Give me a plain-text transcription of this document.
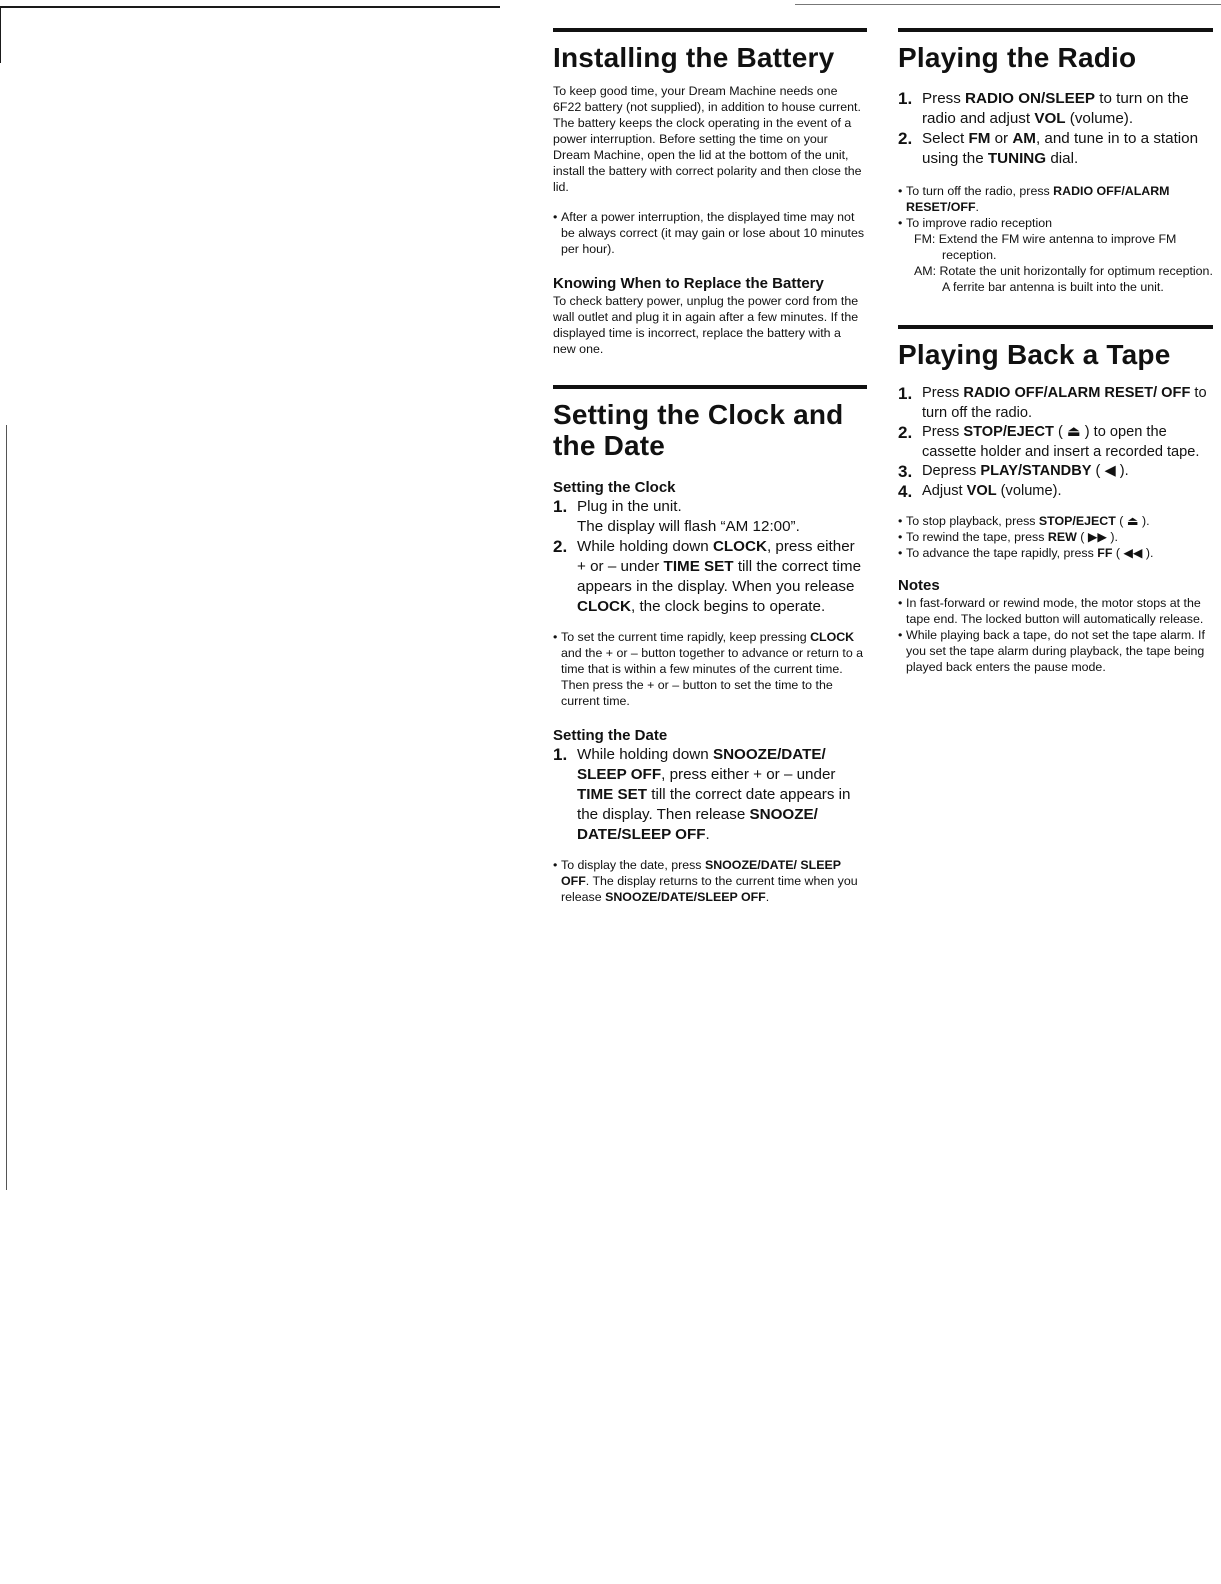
Installing the Battery

To keep good time, your Dream Machine needs one 6F22 battery (not supplied), in addition to house current. The battery keeps the clock operating in the event of a power interruption. Before setting the time on your Dream Machine, open the lid at the bottom of the unit, install the battery with correct polarity and then close the lid.

• After a power interruption, the displayed time may not be always correct (it may gain or lose about 10 minutes per hour).
Knowing When to Replace the Battery

To check battery power, unplug the power cord from the wall outlet and plug it in again after a few minutes. If the displayed time is incorrect, replace the battery with a new one.

Setting the Clock and the Date
Setting the Clock
1. Plug in the unit.
The display will flash “AM 12:00”.
2. While holding down CLOCK, press either + or – under TIME SET till the correct time appears in the display. When you release CLOCK, the clock begins to operate.
• To set the current time rapidly, keep pressing CLOCK and the + or – button together to advance or return to a time that is within a few minutes of the current time. Then press the + or – button to set the time to the current time.
Setting the Date
1. While holding down SNOOZE/DATE/ SLEEP OFF, press either + or – under TIME SET till the correct date appears in the display. Then release SNOOZE/ DATE/SLEEP OFF.
• To display the date, press SNOOZE/DATE/ SLEEP OFF. The display returns to the current time when you release SNOOZE/DATE/SLEEP OFF.
Playing the Radio
1. Press RADIO ON/SLEEP to turn on the radio and adjust VOL (volume).
2. Select FM or AM, and tune in to a station using the TUNING dial.
• To turn off the radio, press RADIO OFF/ALARM RESET/OFF.
• To improve radio reception
FM: Extend the FM wire antenna to improve FM reception.
AM: Rotate the unit horizontally for optimum reception. A ferrite bar antenna is built into the unit.
Playing Back a Tape
1. Press RADIO OFF/ALARM RESET/ OFF to turn off the radio.
2. Press STOP/EJECT ( ⏏ ) to open the cassette holder and insert a recorded tape.
3. Depress PLAY/STANDBY ( ◀ ).
4. Adjust VOL (volume).
• To stop playback, press STOP/EJECT ( ⏏ ).
• To rewind the tape, press REW ( ▶▶ ).
• To advance the tape rapidly, press FF ( ◀◀ ).
Notes
• In fast-forward or rewind mode, the motor stops at the tape end. The locked button will automatically release.
• While playing back a tape, do not set the tape alarm. If you set the tape alarm during playback, the tape being played back enters the pause mode.
